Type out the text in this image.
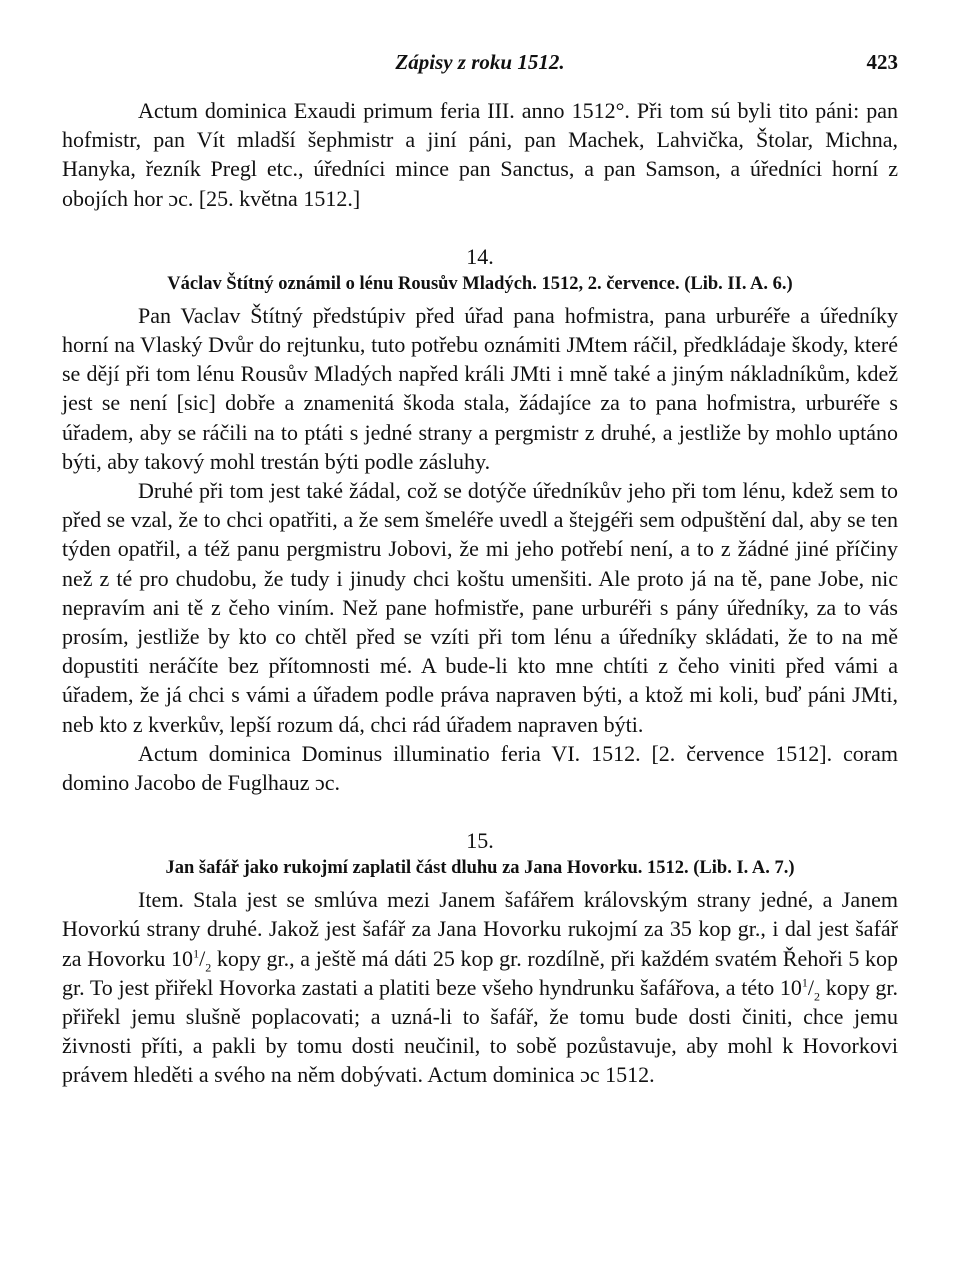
Zápisy z roku 1512.	423

Actum dominica Exaudi primum feria III. anno 1512°. Při tom sú byli tito páni: pan hofmistr, pan Vít mladší šephmistr a jiní páni, pan Machek, Lahvička, Štolar, Michna, Hanyka, řezník Pregl etc., úředníci mince pan Sanctus, a pan Samson, a úředníci horní z obojích hor ɔc. [25. května 1512.]

14.

Václav Štítný oznámil o lénu Rousův Mladých. 1512, 2. července. (Lib. II. A. 6.)

Pan Vaclav Štítný předstúpiv před úřad pana hofmistra, pana urburéře a úředníky horní na Vlaský Dvůr do rejtunku, tuto potřebu oznámiti JMtem ráčil, předkládaje škody, které se dějí při tom lénu Rousův Mladých napřed králi JMti i mně také a jiným nákladníkům, kdež jest se není [sic] dobře a znamenitá škoda stala, žádajíce za to pana hofmistra, urburéře s úřadem, aby se ráčili na to ptáti s jedné strany a pergmistr z druhé, a jestliže by mohlo uptáno býti, aby takový mohl trestán býti podle zásluhy.

Druhé při tom jest také žádal, což se dotýče úředníkův jeho při tom lénu, kdež sem to před se vzal, že to chci opatřiti, a že sem šmeléře uvedl a štejgéři sem odpuštění dal, aby se ten týden opatřil, a též panu pergmistru Jobovi, že mi jeho potřebí není, a to z žádné jiné příčiny než z té pro chudobu, že tudy i jinudy chci koštu umenšiti. Ale proto já na tě, pane Jobe, nic nepravím ani tě z čeho viním. Než pane hofmistře, pane urburéři s pány úředníky, za to vás prosím, jestliže by kto co chtěl před se vzíti při tom lénu a úředníky skládati, že to na mě dopustiti neráčíte bez přítomnosti mé. A bude-li kto mne chtíti z čeho viniti před vámi a úřadem, že já chci s vámi a úřadem podle práva napraven býti, a ktož mi koli, buď páni JMti, neb kto z kverkův, lepší rozum dá, chci rád úřadem napraven býti.

Actum dominica Dominus illuminatio feria VI. 1512. [2. července 1512]. coram domino Jacobo de Fuglhauz ɔc.

15.

Jan šafář jako rukojmí zaplatil část dluhu za Jana Hovorku. 1512. (Lib. I. A. 7.)

Item. Stala jest se smlúva mezi Janem šafářem královským strany jedné, a Janem Hovorkú strany druhé. Jakož jest šafář za Jana Hovorku rukojmí za 35 kop gr., i dal jest šafář za Hovorku $10^1/_2$ kopy gr., a ještě má dáti 25 kop gr. rozdílně, při každém svatém Řehoři 5 kop gr. To jest přiřekl Hovorka zastati a platiti beze všeho hyndrunku šafářova, a této $10^1/_2$ kopy gr. přiřekl jemu slušně poplacovati; a uzná-li to šafář, že tomu bude dosti činiti, chce jemu živnosti příti, a pakli by tomu dosti neučinil, to sobě pozůstavuje, aby mohl k Hovorkovi právem hleděti a svého na něm dobývati. Actum dominica ɔc 1512.
